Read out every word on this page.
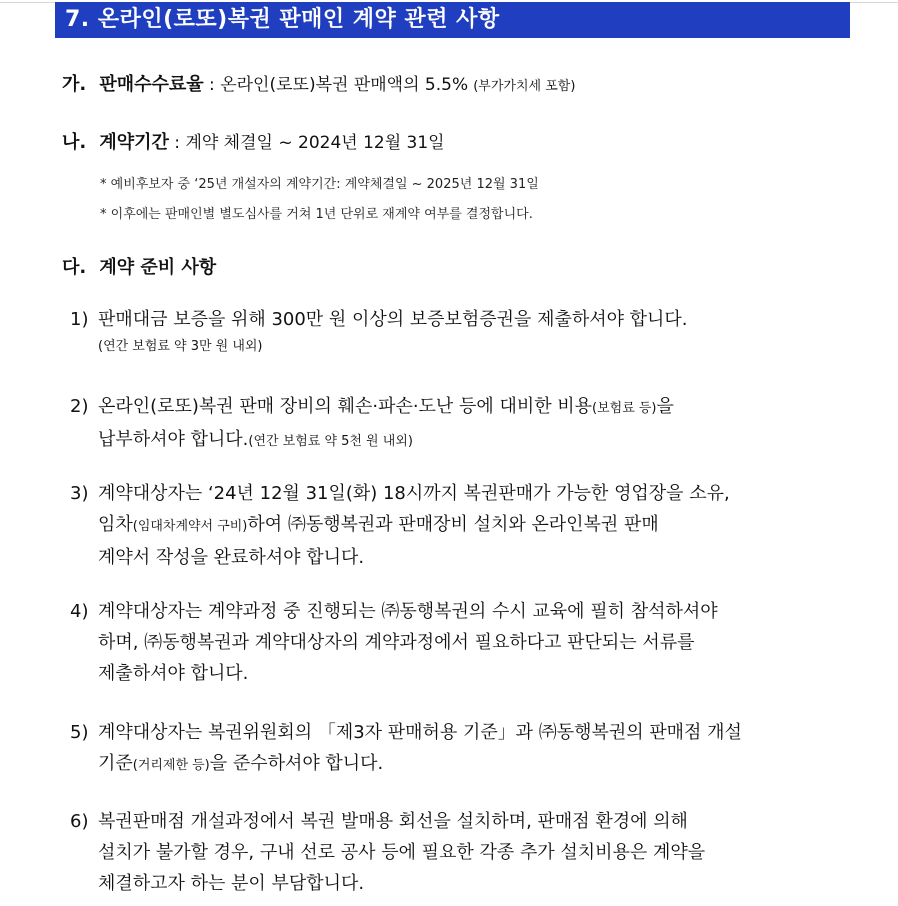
7. 온라인(로또)복권 판매인 계약 관련 사항
가. 판매수수료율 : 온라인(로또)복권 판매액의 5.5% (부가가치세 포함)
나. 계약기간 : 계약 체결일 ~ 2024년 12월 31일
* 예비후보자 중 ‘25년 개설자의 계약기간: 계약체결일 ~ 2025년 12월 31일
* 이후에는 판매인별 별도심사를 거쳐 1년 단위로 재계약 여부를 결정합니다.
다. 계약 준비 사항
1) 판매대금 보증을 위해 300만 원 이상의 보증보험증권을 제출하셔야 합니다.
(연간 보험료 약 3만 원 내외)
2) 온라인(로또)복권 판매 장비의 훼손·파손·도난 등에 대비한 비용(보험료 등)을
납부하셔야 합니다.(연간 보험료 약 5천 원 내외)
3) 계약대상자는 ‘24년 12월 31일(화) 18시까지 복권판매가 가능한 영업장을 소유,
임차(임대차계약서 구비)하여 ㈜동행복권과 판매장비 설치와 온라인복권 판매
계약서 작성을 완료하셔야 합니다.
4) 계약대상자는 계약과정 중 진행되는 ㈜동행복권의 수시 교육에 필히 참석하셔야
하며, ㈜동행복권과 계약대상자의 계약과정에서 필요하다고 판단되는 서류를
제출하셔야 합니다.
5) 계약대상자는 복권위원회의 「제3자 판매허용 기준」과 ㈜동행복권의 판매점 개설
기준(거리제한 등)을 준수하셔야 합니다.
6) 복권판매점 개설과정에서 복권 발매용 회선을 설치하며, 판매점 환경에 의해
설치가 불가할 경우, 구내 선로 공사 등에 필요한 각종 추가 설치비용은 계약을
체결하고자 하는 분이 부담합니다.
